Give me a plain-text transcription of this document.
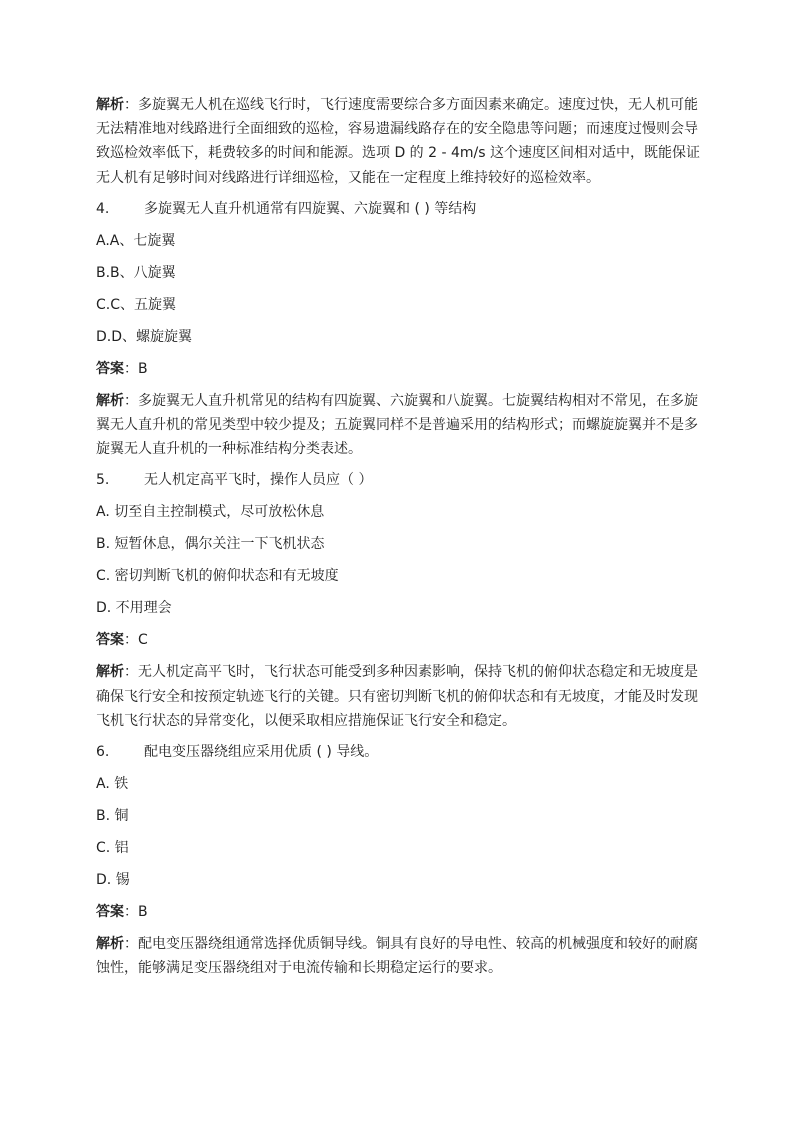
解析：多旋翼无人机在巡线飞行时，飞行速度需要综合多方面因素来确定。速度过快，无人机可能无法精准地对线路进行全面细致的巡检，容易遗漏线路存在的安全隐患等问题；而速度过慢则会导致巡检效率低下，耗费较多的时间和能源。选项 D 的 2 - 4m/s 这个速度区间相对适中，既能保证无人机有足够时间对线路进行详细巡检，又能在一定程度上维持较好的巡检效率。

4. 多旋翼无人直升机通常有四旋翼、六旋翼和 ( ) 等结构

A.A、七旋翼

B.B、八旋翼

C.C、五旋翼

D.D、螺旋旋翼

答案：B

解析：多旋翼无人直升机常见的结构有四旋翼、六旋翼和八旋翼。七旋翼结构相对不常见，在多旋翼无人直升机的常见类型中较少提及；五旋翼同样不是普遍采用的结构形式；而螺旋旋翼并不是多旋翼无人直升机的一种标准结构分类表述。

5. 无人机定高平飞时，操作人员应（ ）

A. 切至自主控制模式，尽可放松休息

B. 短暂休息，偶尔关注一下飞机状态

C. 密切判断飞机的俯仰状态和有无坡度

D. 不用理会

答案：C

解析：无人机定高平飞时，飞行状态可能受到多种因素影响，保持飞机的俯仰状态稳定和无坡度是确保飞行安全和按预定轨迹飞行的关键。只有密切判断飞机的俯仰状态和有无坡度，才能及时发现飞机飞行状态的异常变化，以便采取相应措施保证飞行安全和稳定。

6. 配电变压器绕组应采用优质 ( ) 导线。

A. 铁

B. 铜

C. 铝

D. 锡

答案：B

解析：配电变压器绕组通常选择优质铜导线。铜具有良好的导电性、较高的机械强度和较好的耐腐蚀性，能够满足变压器绕组对于电流传输和长期稳定运行的要求。
